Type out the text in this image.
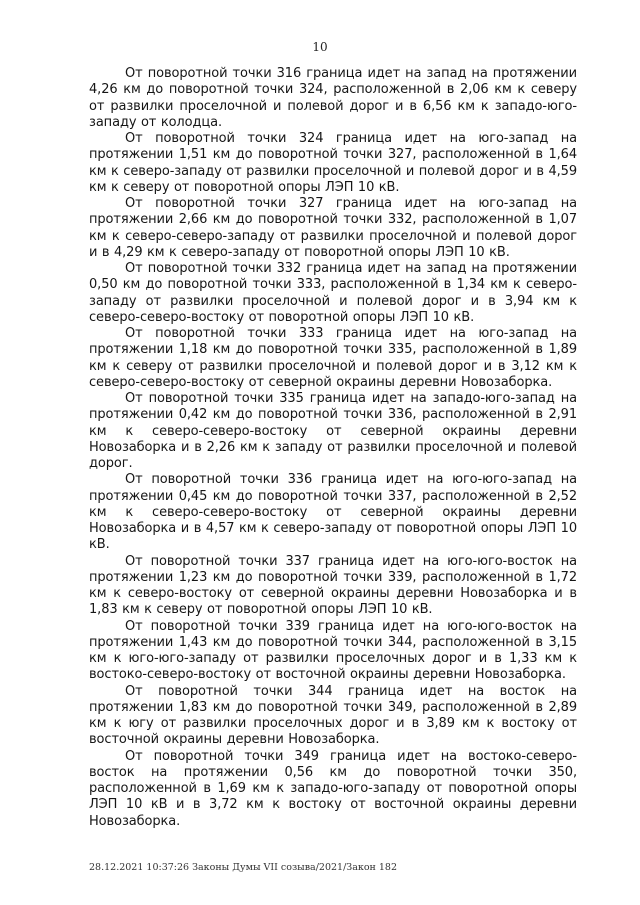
10

От поворотной точки 316 граница идет на запад на протяжении 4,26 км до поворотной точки 324, расположенной в 2,06 км к северу от развилки проселочной и полевой дорог и в 6,56 км к западо-юго-западу от колодца.

От поворотной точки 324 граница идет на юго-запад на протяжении 1,51 км до поворотной точки 327, расположенной в 1,64 км к северо-западу от развилки проселочной и полевой дорог и в 4,59 км к северу от поворотной опоры ЛЭП 10 кВ.

От поворотной точки 327 граница идет на юго-запад на протяжении 2,66 км до поворотной точки 332, расположенной в 1,07 км к северо-северо-западу от развилки проселочной и полевой дорог и в 4,29 км к северо-западу от поворотной опоры ЛЭП 10 кВ.

От поворотной точки 332 граница идет на запад на протяжении 0,50 км до поворотной точки 333, расположенной в 1,34 км к северо-западу от развилки проселочной и полевой дорог и в 3,94 км к северо-северо-востоку от поворотной опоры ЛЭП 10 кВ.

От поворотной точки 333 граница идет на юго-запад на протяжении 1,18 км до поворотной точки 335, расположенной в 1,89 км к северу от развилки проселочной и полевой дорог и в 3,12 км к северо-северо-востоку от северной окраины деревни Новозаборка.

От поворотной точки 335 граница идет на западо-юго-запад на протяжении 0,42 км до поворотной точки 336, расположенной в 2,91 км к северо-северо-востоку от северной окраины деревни Новозаборка и в 2,26 км к западу от развилки проселочной и полевой дорог.

От поворотной точки 336 граница идет на юго-юго-запад на протяжении 0,45 км до поворотной точки 337, расположенной в 2,52 км к северо-северо-востоку от северной окраины деревни Новозаборка и в 4,57 км к северо-западу от поворотной опоры ЛЭП 10 кВ.

От поворотной точки 337 граница идет на юго-юго-восток на протяжении 1,23 км до поворотной точки 339, расположенной в 1,72 км к северо-востоку от северной окраины деревни Новозаборка и в 1,83 км к северу от поворотной опоры ЛЭП 10 кВ.

От поворотной точки 339 граница идет на юго-юго-восток на протяжении 1,43 км до поворотной точки 344, расположенной в 3,15 км к юго-юго-западу от развилки проселочных дорог и в 1,33 км к востоко-северо-востоку от восточной окраины деревни Новозаборка.

От поворотной точки 344 граница идет на восток на протяжении 1,83 км до поворотной точки 349, расположенной в 2,89 км к югу от развилки проселочных дорог и в 3,89 км к востоку от восточной окраины деревни Новозаборка.

От поворотной точки 349 граница идет на востоко-северо-восток на протяжении 0,56 км до поворотной точки 350, расположенной в 1,69 км к западо-юго-западу от поворотной опоры ЛЭП 10 кВ и в 3,72 км к востоку от восточной окраины деревни Новозаборка.

28.12.2021 10:37:26 Законы Думы VII созыва/2021/Закон 182
